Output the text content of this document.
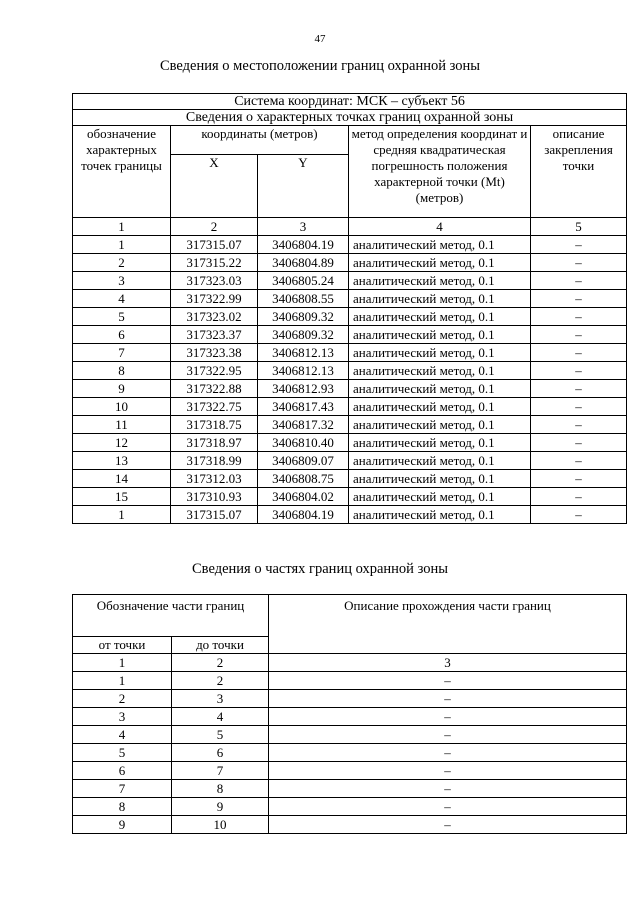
47
Сведения о местоположении границ охранной зоны
Система координат: МСК – субъект 56				
Сведения о характерных точках границ охранной зоны				
обозначение характерных точек границы	координаты (метров)		метод определения координат и средняя квадратическая погрешность положения характерной точки (Mt) (метров)	описание закрепления точки
	X	Y		
1	2	3	4	5
1	317315.07	3406804.19	аналитический метод, 0.1	–
2	317315.22	3406804.89	аналитический метод, 0.1	–
3	317323.03	3406805.24	аналитический метод, 0.1	–
4	317322.99	3406808.55	аналитический метод, 0.1	–
5	317323.02	3406809.32	аналитический метод, 0.1	–
6	317323.37	3406809.32	аналитический метод, 0.1	–
7	317323.38	3406812.13	аналитический метод, 0.1	–
8	317322.95	3406812.13	аналитический метод, 0.1	–
9	317322.88	3406812.93	аналитический метод, 0.1	–
10	317322.75	3406817.43	аналитический метод, 0.1	–
11	317318.75	3406817.32	аналитический метод, 0.1	–
12	317318.97	3406810.40	аналитический метод, 0.1	–
13	317318.99	3406809.07	аналитический метод, 0.1	–
14	317312.03	3406808.75	аналитический метод, 0.1	–
15	317310.93	3406804.02	аналитический метод, 0.1	–
1	317315.07	3406804.19	аналитический метод, 0.1	–
Сведения о частях границ охранной зоны
Обозначение части границ		Описание прохождения части границ
от точки	до точки	
1	2	3
1	2	–
2	3	–
3	4	–
4	5	–
5	6	–
6	7	–
7	8	–
8	9	–
9	10	–
